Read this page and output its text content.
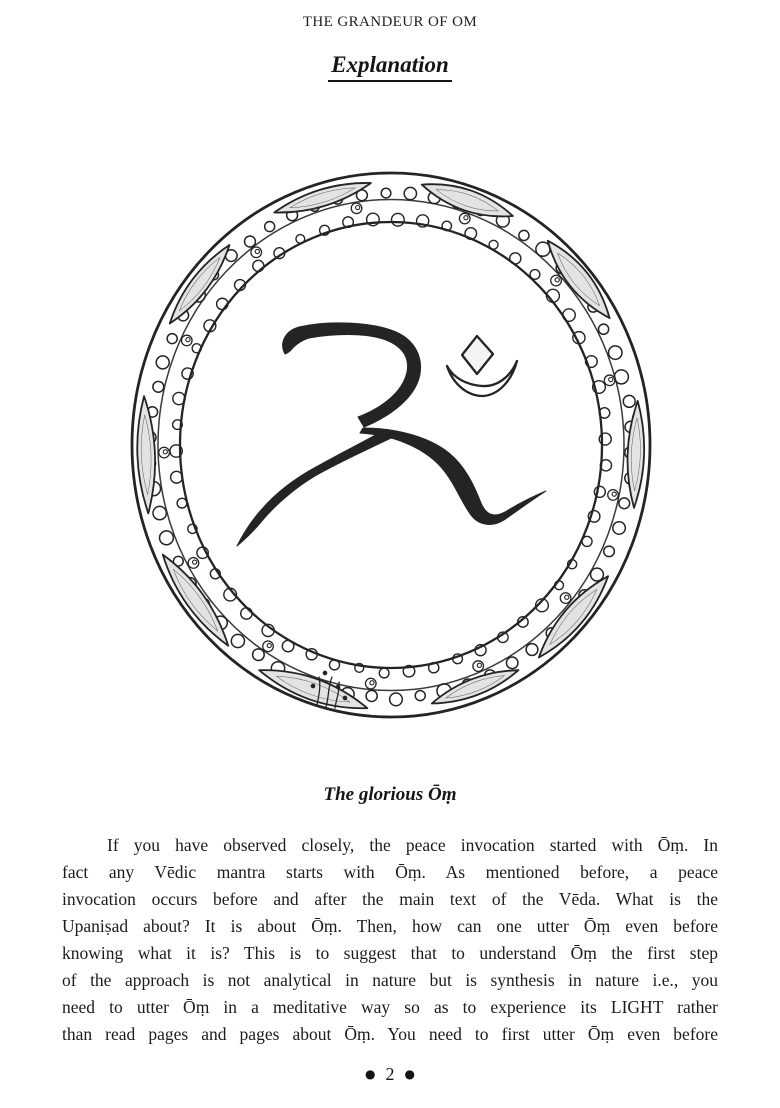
THE GRANDEUR OF OM
Explanation
The glorious Ōṃ
If you have observed closely, the peace invocation started with Ōṃ. In
fact any Vēdic mantra starts with Ōṃ. As mentioned before, a peace
invocation occurs before and after the main text of the Vēda. What is the
Upaniṣad about? It is about Ōṃ. Then, how can one utter Ōṃ even before
knowing what it is? This is to suggest that to understand Ōṃ the first step
of the approach is not analytical in nature but is synthesis in nature i.e., you
need to utter Ōṃ in a meditative way so as to experience its LIGHT rather
than read pages and pages about Ōṃ. You need to first utter Ōṃ even before
● 2 ●
